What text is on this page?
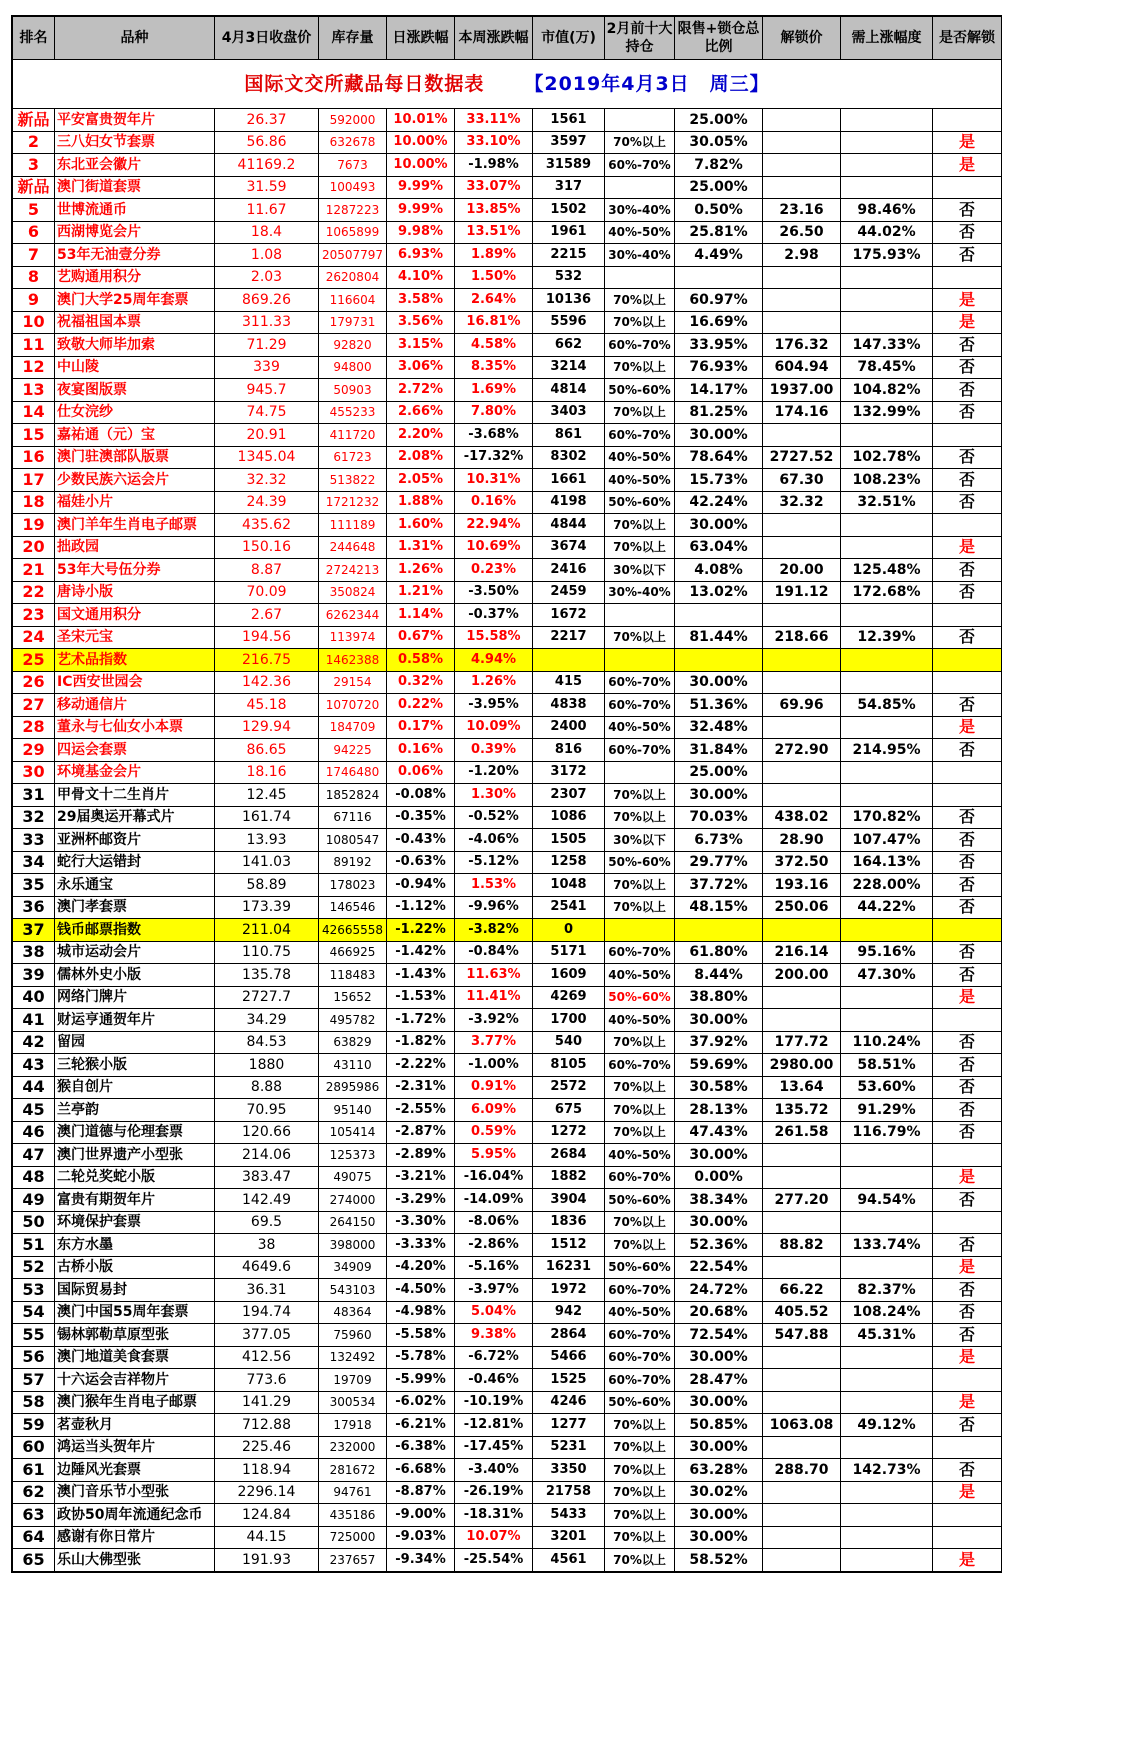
国际文交所藏品每日数据表 【2019年4月3日　周三】											
排名	品种	4月3日收盘价	库存量	日涨跌幅	本周涨跌幅	市值(万)	2月前十大持仓	限售+锁仓总比例	解锁价	需上涨幅度	是否解锁
新品	平安富贵贺年片	26.37	592000	10.01%	33.11%	1561		25.00%			
2	三八妇女节套票	56.86	632678	10.00%	33.10%	3597	70%以上	30.05%			是
3	东北亚会徽片	41169.2	7673	10.00%	-1.98%	31589	60%-70%	7.82%			是
新品	澳门街道套票	31.59	100493	9.99%	33.07%	317		25.00%			
5	世博流通币	11.67	1287223	9.99%	13.85%	1502	30%-40%	0.50%	23.16	98.46%	否
6	西湖博览会片	18.4	1065899	9.98%	13.51%	1961	40%-50%	25.81%	26.50	44.02%	否
7	53年无油壹分券	1.08	20507797	6.93%	1.89%	2215	30%-40%	4.49%	2.98	175.93%	否
8	艺购通用积分	2.03	2620804	4.10%	1.50%	532					
9	澳门大学25周年套票	869.26	116604	3.58%	2.64%	10136	70%以上	60.97%			是
10	祝福祖国本票	311.33	179731	3.56%	16.81%	5596	70%以上	16.69%			是
11	致敬大师毕加索	71.29	92820	3.15%	4.58%	662	60%-70%	33.95%	176.32	147.33%	否
12	中山陵	339	94800	3.06%	8.35%	3214	70%以上	76.93%	604.94	78.45%	否
13	夜宴图版票	945.7	50903	2.72%	1.69%	4814	50%-60%	14.17%	1937.00	104.82%	否
14	仕女浣纱	74.75	455233	2.66%	7.80%	3403	70%以上	81.25%	174.16	132.99%	否
15	嘉祐通（元）宝	20.91	411720	2.20%	-3.68%	861	60%-70%	30.00%			
16	澳门驻澳部队版票	1345.04	61723	2.08%	-17.32%	8302	40%-50%	78.64%	2727.52	102.78%	否
17	少数民族六运会片	32.32	513822	2.05%	10.31%	1661	40%-50%	15.73%	67.30	108.23%	否
18	福娃小片	24.39	1721232	1.88%	0.16%	4198	50%-60%	42.24%	32.32	32.51%	否
19	澳门羊年生肖电子邮票	435.62	111189	1.60%	22.94%	4844	70%以上	30.00%			
20	拙政园	150.16	244648	1.31%	10.69%	3674	70%以上	63.04%			是
21	53年大号伍分券	8.87	2724213	1.26%	0.23%	2416	30%以下	4.08%	20.00	125.48%	否
22	唐诗小版	70.09	350824	1.21%	-3.50%	2459	30%-40%	13.02%	191.12	172.68%	否
23	国文通用积分	2.67	6262344	1.14%	-0.37%	1672					
24	圣宋元宝	194.56	113974	0.67%	15.58%	2217	70%以上	81.44%	218.66	12.39%	否
25	艺术品指数	216.75	1462388	0.58%	4.94%						
26	IC西安世园会	142.36	29154	0.32%	1.26%	415	60%-70%	30.00%			
27	移动通信片	45.18	1070720	0.22%	-3.95%	4838	60%-70%	51.36%	69.96	54.85%	否
28	董永与七仙女小本票	129.94	184709	0.17%	10.09%	2400	40%-50%	32.48%			是
29	四运会套票	86.65	94225	0.16%	0.39%	816	60%-70%	31.84%	272.90	214.95%	否
30	环境基金会片	18.16	1746480	0.06%	-1.20%	3172		25.00%			
31	甲骨文十二生肖片	12.45	1852824	-0.08%	1.30%	2307	70%以上	30.00%			
32	29届奥运开幕式片	161.74	67116	-0.35%	-0.52%	1086	70%以上	70.03%	438.02	170.82%	否
33	亚洲杯邮资片	13.93	1080547	-0.43%	-4.06%	1505	30%以下	6.73%	28.90	107.47%	否
34	蛇行大运错封	141.03	89192	-0.63%	-5.12%	1258	50%-60%	29.77%	372.50	164.13%	否
35	永乐通宝	58.89	178023	-0.94%	1.53%	1048	70%以上	37.72%	193.16	228.00%	否
36	澳门孝套票	173.39	146546	-1.12%	-9.96%	2541	70%以上	48.15%	250.06	44.22%	否
37	钱币邮票指数	211.04	42665558	-1.22%	-3.82%	0					
38	城市运动会片	110.75	466925	-1.42%	-0.84%	5171	60%-70%	61.80%	216.14	95.16%	否
39	儒林外史小版	135.78	118483	-1.43%	11.63%	1609	40%-50%	8.44%	200.00	47.30%	否
40	网络门牌片	2727.7	15652	-1.53%	11.41%	4269	50%-60%	38.80%			是
41	财运亨通贺年片	34.29	495782	-1.72%	-3.92%	1700	40%-50%	30.00%			
42	留园	84.53	63829	-1.82%	3.77%	540	70%以上	37.92%	177.72	110.24%	否
43	三轮猴小版	1880	43110	-2.22%	-1.00%	8105	60%-70%	59.69%	2980.00	58.51%	否
44	猴自创片	8.88	2895986	-2.31%	0.91%	2572	70%以上	30.58%	13.64	53.60%	否
45	兰亭韵	70.95	95140	-2.55%	6.09%	675	70%以上	28.13%	135.72	91.29%	否
46	澳门道德与伦理套票	120.66	105414	-2.87%	0.59%	1272	70%以上	47.43%	261.58	116.79%	否
47	澳门世界遗产小型张	214.06	125373	-2.89%	5.95%	2684	40%-50%	30.00%			
48	二轮兑奖蛇小版	383.47	49075	-3.21%	-16.04%	1882	60%-70%	0.00%			是
49	富贵有期贺年片	142.49	274000	-3.29%	-14.09%	3904	50%-60%	38.34%	277.20	94.54%	否
50	环境保护套票	69.5	264150	-3.30%	-8.06%	1836	70%以上	30.00%			
51	东方水墨	38	398000	-3.33%	-2.86%	1512	70%以上	52.36%	88.82	133.74%	否
52	古桥小版	4649.6	34909	-4.20%	-5.16%	16231	50%-60%	22.54%			是
53	国际贸易封	36.31	543103	-4.50%	-3.97%	1972	60%-70%	24.72%	66.22	82.37%	否
54	澳门中国55周年套票	194.74	48364	-4.98%	5.04%	942	40%-50%	20.68%	405.52	108.24%	否
55	锡林郭勒草原型张	377.05	75960	-5.58%	9.38%	2864	60%-70%	72.54%	547.88	45.31%	否
56	澳门地道美食套票	412.56	132492	-5.78%	-6.72%	5466	60%-70%	30.00%			是
57	十六运会吉祥物片	773.6	19709	-5.99%	-0.46%	1525	60%-70%	28.47%			
58	澳门猴年生肖电子邮票	141.29	300534	-6.02%	-10.19%	4246	50%-60%	30.00%			是
59	茗壶秋月	712.88	17918	-6.21%	-12.81%	1277	70%以上	50.85%	1063.08	49.12%	否
60	鸿运当头贺年片	225.46	232000	-6.38%	-17.45%	5231	70%以上	30.00%			
61	边陲风光套票	118.94	281672	-6.68%	-3.40%	3350	70%以上	63.28%	288.70	142.73%	否
62	澳门音乐节小型张	2296.14	94761	-8.87%	-26.19%	21758	70%以上	30.02%			是
63	政协50周年流通纪念币	124.84	435186	-9.00%	-18.31%	5433	70%以上	30.00%			
64	感谢有你日常片	44.15	725000	-9.03%	10.07%	3201	70%以上	30.00%			
65	乐山大佛型张	191.93	237657	-9.34%	-25.54%	4561	70%以上	58.52%			是
